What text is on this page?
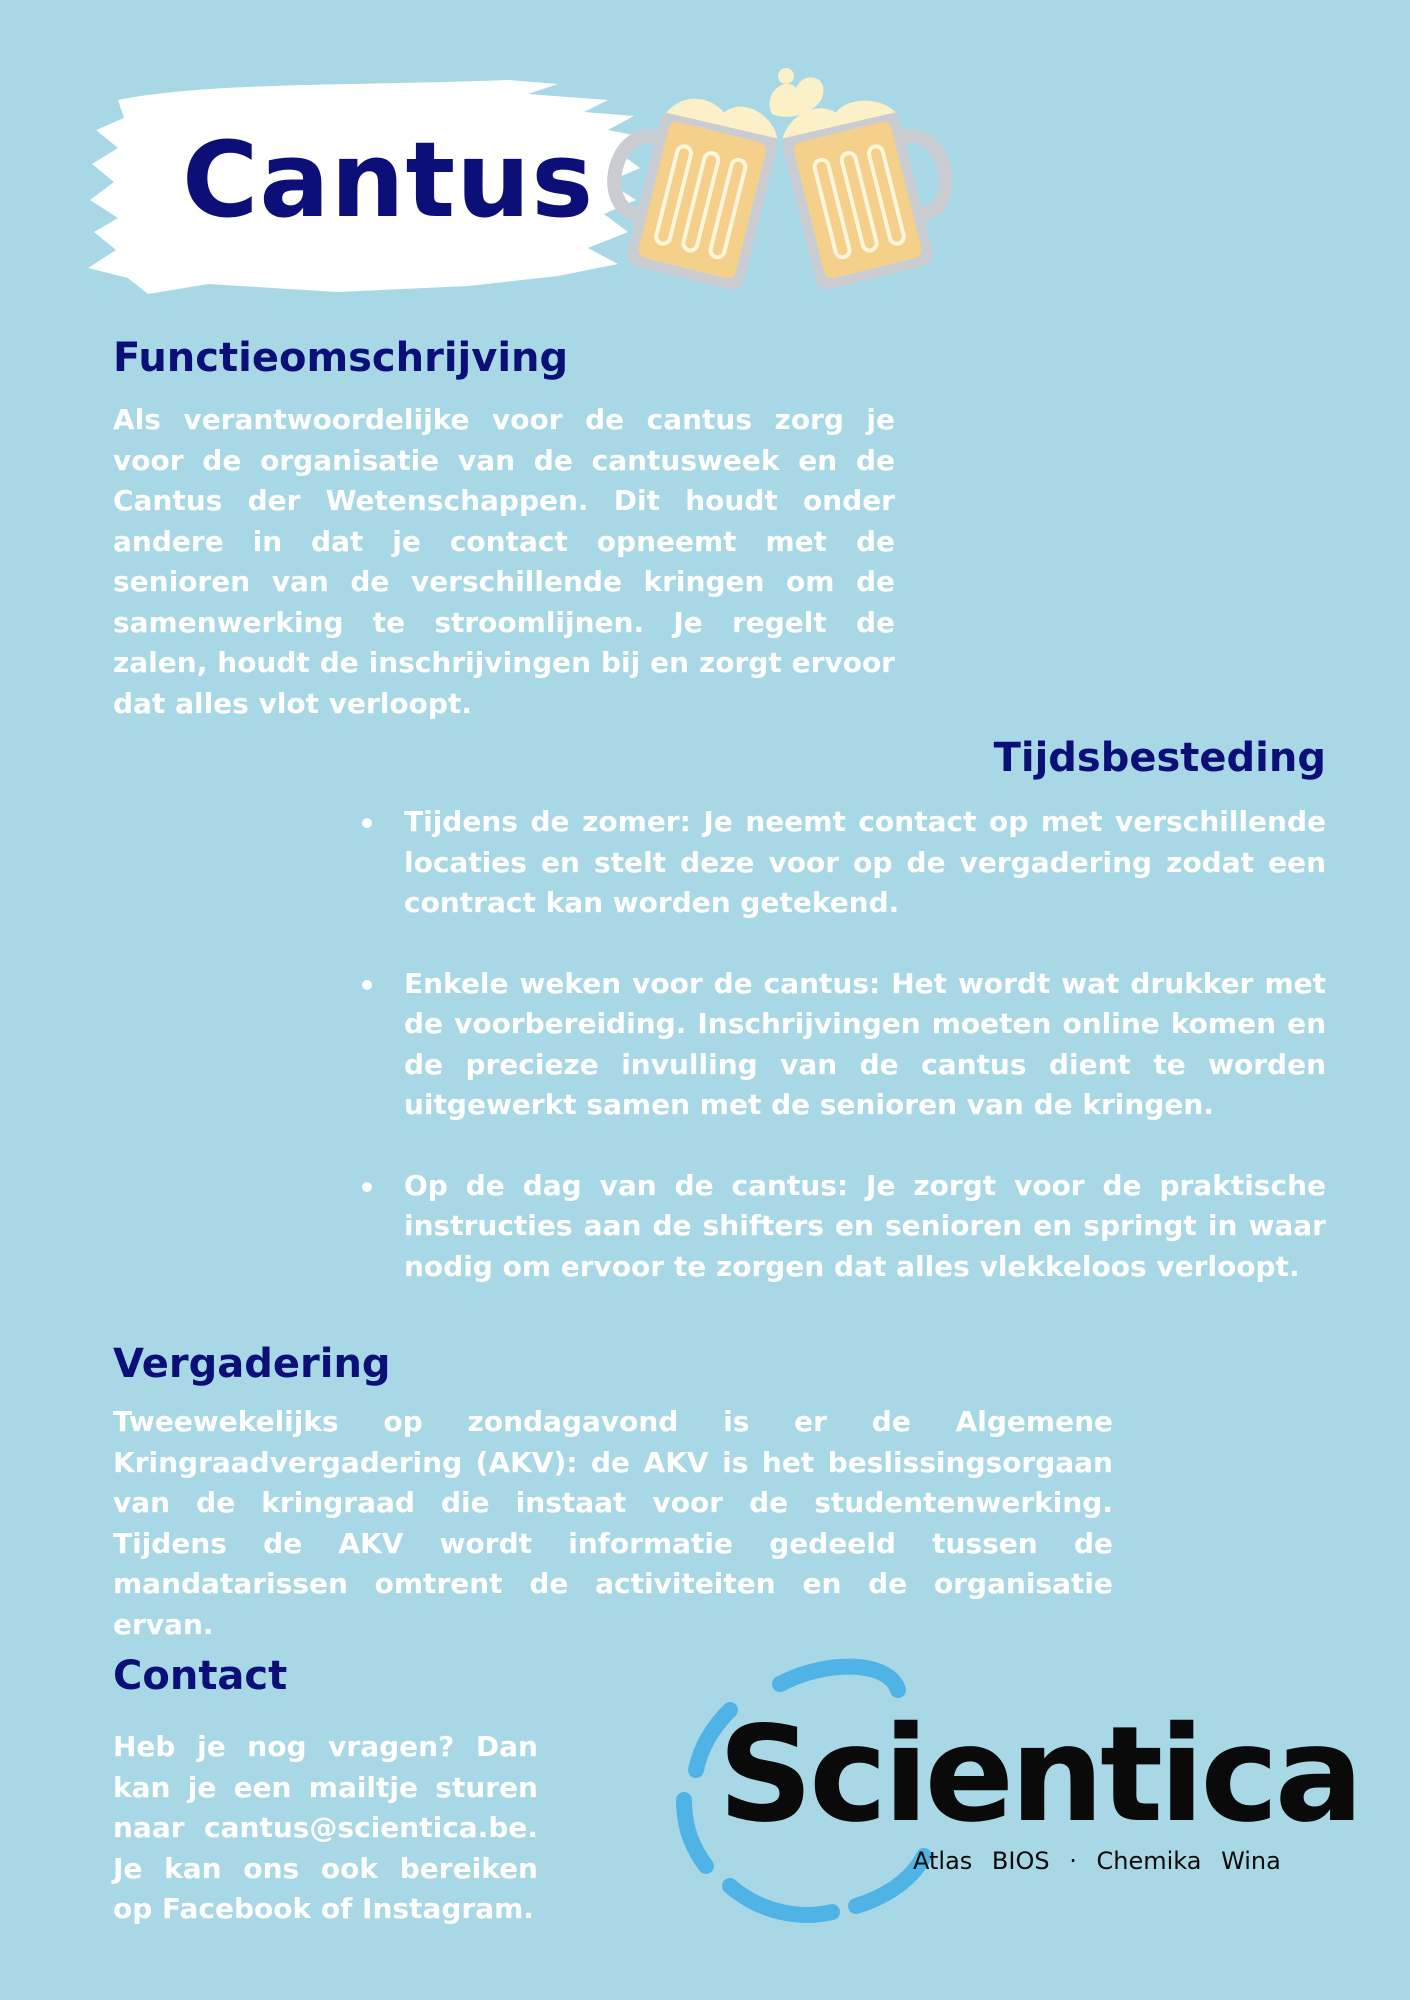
Cantus
Functieomschrijving

Als verantwoordelijke voor de cantus zorg je voor de organisatie van de cantusweek en de Cantus der Wetenschappen. Dit houdt onder andere in dat je contact opneemt met de senioren van de verschillende kringen om de samenwerking te stroomlijnen. Je regelt de zalen, houdt de inschrijvingen bij en zorgt ervoor dat alles vlot verloopt.

Tijdsbesteding
Tijdens de zomer: Je neemt contact op met verschillende locaties en stelt deze voor op de vergadering zodat een contract kan worden getekend.
Enkele weken voor de cantus: Het wordt wat drukker met de voorbereiding. Inschrijvingen moeten online komen en de precieze invulling van de cantus dient te worden uitgewerkt samen met de senioren van de kringen.
Op de dag van de cantus: Je zorgt voor de praktische instructies aan de shifters en senioren en springt in waar nodig om ervoor te zorgen dat alles vlekkeloos verloopt.
Vergadering

Tweewekelijks op zondagavond is er de Algemene Kringraadvergadering (AKV): de AKV is het beslissingsorgaan van de kringraad die instaat voor de studentenwerking. Tijdens de AKV wordt informatie gedeeld tussen de mandatarissen omtrent de activiteiten en de organisatie ervan.

Contact

Heb je nog vragen? Dan kan je een mailtje sturen naar cantus@scientica.be. Je kan ons ook bereiken op Facebook of Instagram.

Scientica
Atlas BIOS · Chemika Wina
